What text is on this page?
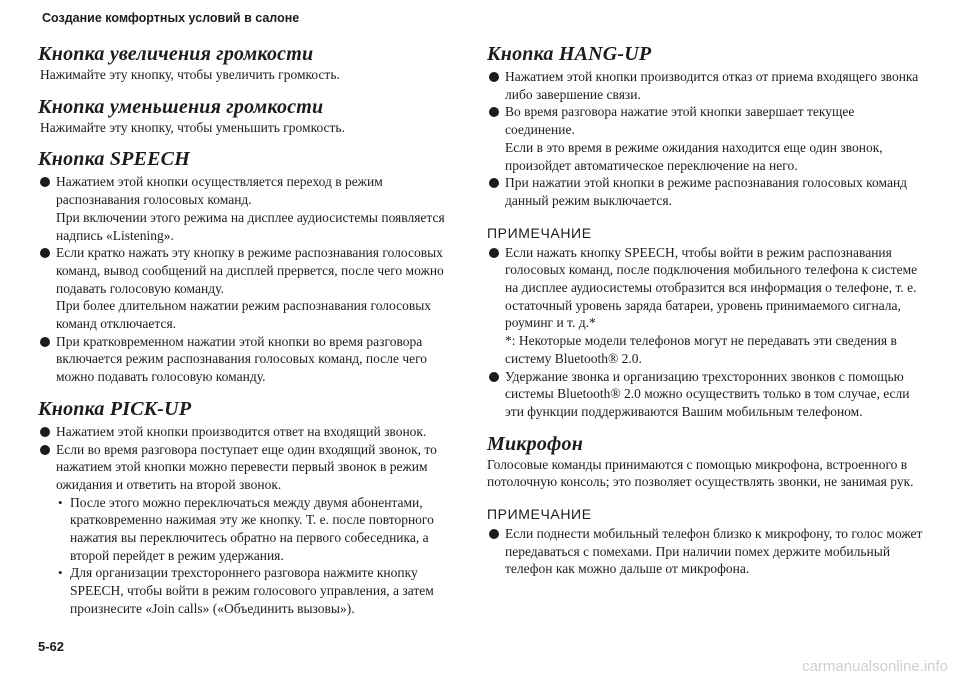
Создание комфортных условий в салоне
Кнопка увеличения громкости

Нажимайте эту кнопку, чтобы увеличить громкость.

Кнопка уменьшения громкости

Нажимайте эту кнопку, чтобы уменьшить громкость.

Кнопка SPEECH

Нажатием этой кнопки осуществляется переход в режим распознавания голосовых команд.

При включении этого режима на дисплее аудиосистемы появляется надпись «Listening».

Если кратко нажать эту кнопку в режиме распознавания голосовых команд, вывод сообщений на дисплей прервется, после чего можно подавать голосовую команду.

При более длительном нажатии режим распознавания голосовых команд отключается.

При кратковременном нажатии этой кнопки во время разговора включается режим распознавания голосовых команд, после чего можно подавать голосовую команду.

Кнопка PICK-UP

Нажатием этой кнопки производится ответ на входящий звонок.

Если во время разговора поступает еще один входящий звонок, то нажатием этой кнопки можно перевести первый звонок в режим ожидания и ответить на второй звонок.

• После этого можно переключаться между двумя абонентами, кратковременно нажимая эту же кнопку. Т. е. после повторного нажатия вы переключитесь обратно на первого собеседника, а второй перейдет в режим удержания.

• Для организации трехстороннего разговора нажмите кнопку SPEECH, чтобы войти в режим голосового управления, а затем произнесите «Join calls» («Объединить вызовы»).

Кнопка HANG-UP

Нажатием этой кнопки производится отказ от приема входящего звонка либо завершение связи.

Во время разговора нажатие этой кнопки завершает текущее соединение.

Если в это время в режиме ожидания находится еще один звонок, произойдет автоматическое переключение на него.

При нажатии этой кнопки в режиме распознавания голосовых команд данный режим выключается.

ПРИМЕЧАНИЕ

Если нажать кнопку SPEECH, чтобы войти в режим распознавания голосовых команд, после подключения мобильного телефона к системе на дисплее аудиосистемы отобразится вся информация о телефоне, т. е. остаточный уровень заряда батареи, уровень принимаемого сигнала, роуминг и т. д.*

*: Некоторые модели телефонов могут не передавать эти сведения в систему Bluetooth® 2.0.

Удержание звонка и организацию трехсторонних звонков с помощью системы Bluetooth® 2.0 можно осуществить только в том случае, если эти функции поддерживаются Вашим мобильным телефоном.

Микрофон

Голосовые команды принимаются с помощью микрофона, встроенного в потолочную консоль; это позволяет осуществлять звонки, не занимая рук.

ПРИМЕЧАНИЕ

Если поднести мобильный телефон близко к микрофону, то голос может передаваться с помехами. При наличии помех держите мобильный телефон как можно дальше от микрофона.

5-62
carmanualsonline.info
